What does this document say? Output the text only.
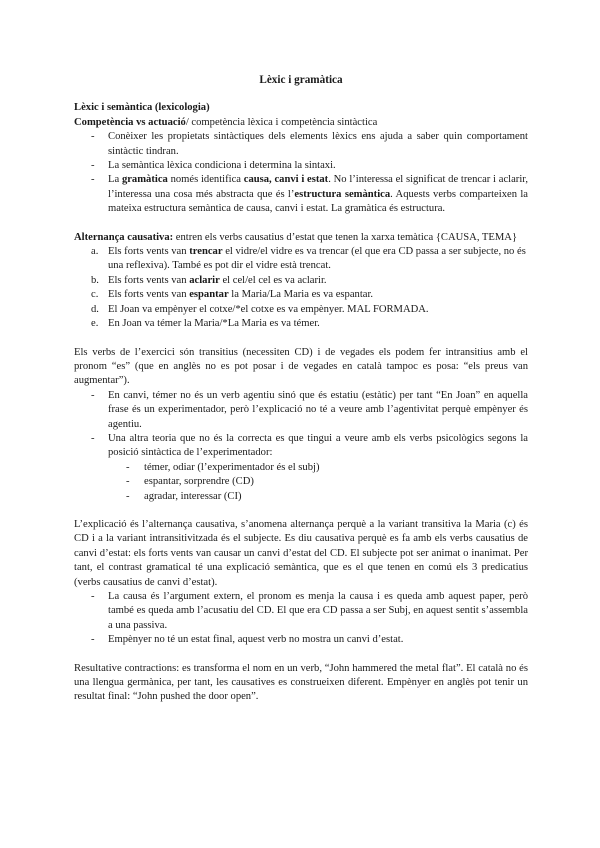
Lèxic i gramàtica

Lèxic i semàntica (lexicologia)

Competència vs actuació/ competència lèxica i competència sintàctica

- Conèixer les propietats sintàctiques dels elements lèxics ens ajuda a saber quin comportament sintàctic tindran.
- La semàntica lèxica condiciona i determina la sintaxi.
- La gramàtica només identifica causa, canvi i estat. No l’interessa el significat de trencar i aclarir, l’interessa una cosa més abstracta que és l’estructura semàntica. Aquests verbs comparteixen la mateixa estructura semàntica de causa, canvi i estat. La gramàtica és estructura.

Alternança causativa: entren els verbs causatius d’estat que tenen la xarxa temàtica {CAUSA, TEMA}

a. Els forts vents van trencar el vidre/el vidre es va trencar (el que era CD passa a ser subjecte, no és una reflexiva). També es pot dir el vidre està trencat.
b. Els forts vents van aclarir el cel/el cel es va aclarir.
c. Els forts vents van espantar la Maria/La Maria es va espantar.
d. El Joan va empènyer el cotxe/*el cotxe es va empènyer. MAL FORMADA.
e. En Joan va témer la Maria/*La Maria es va témer.

Els verbs de l’exercici són transitius (necessiten CD) i de vegades els podem fer intransitius amb el pronom “es” (que en anglès no es pot posar i de vegades en català tampoc es posa: “els preus van augmentar”).

- En canvi, témer no és un verb agentiu sinó que és estatiu (estàtic) per tant “En Joan” en aquella frase és un experimentador, però l’explicació no té a veure amb l’agentivitat perquè empènyer és agentiu.
- Una altra teoria que no és la correcta es que tingui a veure amb els verbs psicològics segons la posició sintàctica de l’experimentador:
- témer, odiar (l’experimentador és el subj)
- espantar, sorprendre (CD)
- agradar, interessar (CI)

L’explicació és l’alternança causativa, s’anomena alternança perquè a la variant transitiva la Maria (c) és CD i a la variant intransitivitzada és el subjecte. Es diu causativa perquè es fa amb els verbs causatius de canvi d’estat: els forts vents van causar un canvi d’estat del CD. El subjecte pot ser animat o inanimat. Per tant, el contrast gramatical té una explicació semàntica, que es el que tenen en comú els 3 predicatius (verbs causatius de canvi d’estat).

- La causa és l’argument extern, el pronom es menja la causa i es queda amb aquest paper, però també es queda amb l’acusatiu del CD. El que era CD passa a ser Subj, en aquest sentit s’assembla a una passiva.
- Empènyer no té un estat final, aquest verb no mostra un canvi d’estat.

Resultative contractions: es transforma el nom en un verb, “John hammered the metal flat”. El català no és una llengua germànica, per tant, les causatives es construeixen diferent. Empènyer en anglès pot tenir un resultat final: “John pushed the door open”.
